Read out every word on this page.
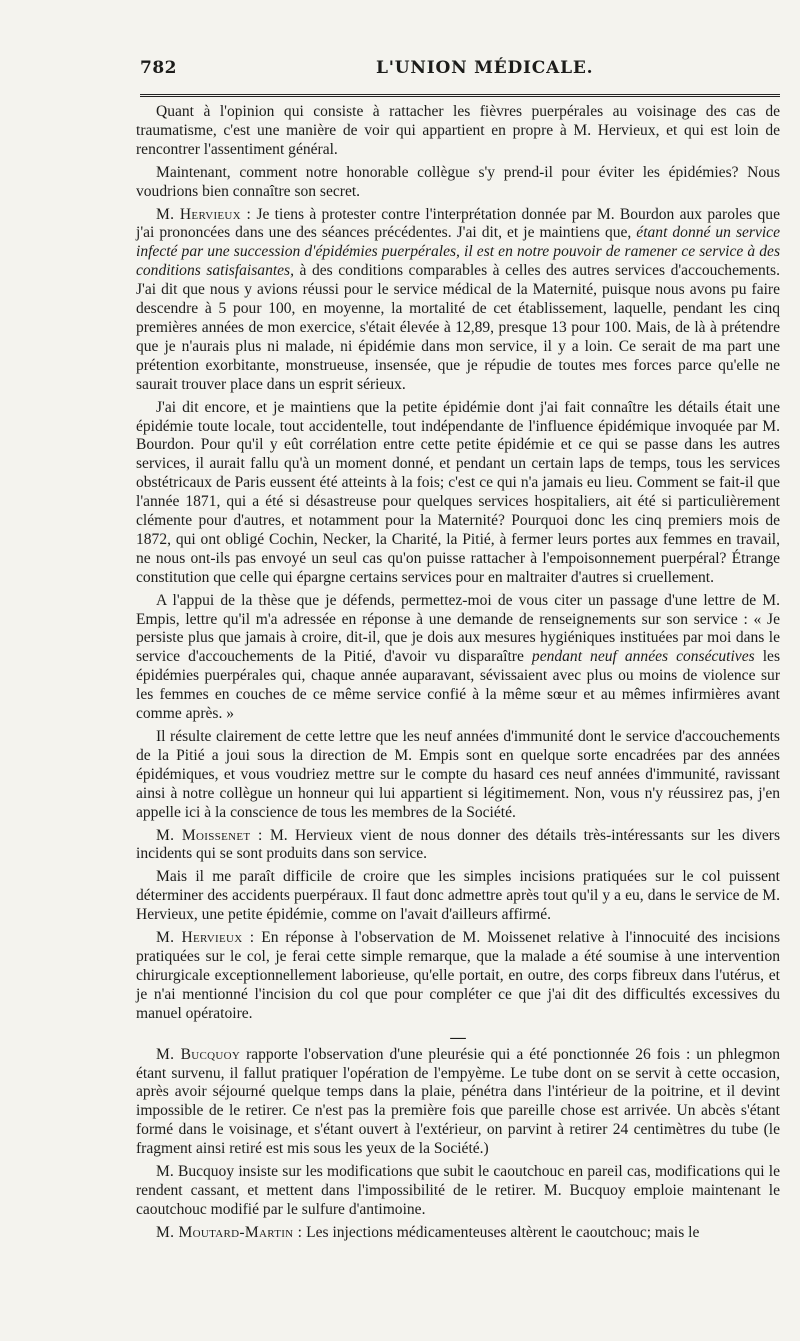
782	L'UNION MÉDICALE.

Quant à l'opinion qui consiste à rattacher les fièvres puerpérales au voisinage des cas de traumatisme, c'est une manière de voir qui appartient en propre à M. Hervieux, et qui est loin de rencontrer l'assentiment général.

Maintenant, comment notre honorable collègue s'y prend-il pour éviter les épidémies? Nous voudrions bien connaître son secret.

M. Hervieux : Je tiens à protester contre l'interprétation donnée par M. Bourdon aux paroles que j'ai prononcées dans une des séances précédentes. J'ai dit, et je maintiens que, étant donné un service infecté par une succession d'épidémies puerpérales, il est en notre pouvoir de ramener ce service à des conditions satisfaisantes, à des conditions comparables à celles des autres services d'accouchements. J'ai dit que nous y avions réussi pour le service médical de la Maternité, puisque nous avons pu faire descendre à 5 pour 100, en moyenne, la mortalité de cet établissement, laquelle, pendant les cinq premières années de mon exercice, s'était élevée à 12,89, presque 13 pour 100. Mais, de là à prétendre que je n'aurais plus ni malade, ni épidémie dans mon service, il y a loin. Ce serait de ma part une prétention exorbitante, monstrueuse, insensée, que je répudie de toutes mes forces parce qu'elle ne saurait trouver place dans un esprit sérieux.

J'ai dit encore, et je maintiens que la petite épidémie dont j'ai fait connaître les détails était une épidémie toute locale, tout accidentelle, tout indépendante de l'influence épidémique invoquée par M. Bourdon. Pour qu'il y eût corrélation entre cette petite épidémie et ce qui se passe dans les autres services, il aurait fallu qu'à un moment donné, et pendant un certain laps de temps, tous les services obstétricaux de Paris eussent été atteints à la fois; c'est ce qui n'a jamais eu lieu. Comment se fait-il que l'année 1871, qui a été si désastreuse pour quelques services hospitaliers, ait été si particulièrement clémente pour d'autres, et notamment pour la Maternité? Pourquoi donc les cinq premiers mois de 1872, qui ont obligé Cochin, Necker, la Charité, la Pitié, à fermer leurs portes aux femmes en travail, ne nous ont-ils pas envoyé un seul cas qu'on puisse rattacher à l'empoisonnement puerpéral? Étrange constitution que celle qui épargne certains services pour en maltraiter d'autres si cruellement.

A l'appui de la thèse que je défends, permettez-moi de vous citer un passage d'une lettre de M. Empis, lettre qu'il m'a adressée en réponse à une demande de renseignements sur son service : « Je persiste plus que jamais à croire, dit-il, que je dois aux mesures hygiéniques instituées par moi dans le service d'accouchements de la Pitié, d'avoir vu disparaître pendant neuf années consécutives les épidémies puerpérales qui, chaque année auparavant, sévissaient avec plus ou moins de violence sur les femmes en couches de ce même service confié à la même sœur et au mêmes infirmières avant comme après. »

Il résulte clairement de cette lettre que les neuf années d'immunité dont le service d'accouchements de la Pitié a joui sous la direction de M. Empis sont en quelque sorte encadrées par des années épidémiques, et vous voudriez mettre sur le compte du hasard ces neuf années d'immunité, ravissant ainsi à notre collègue un honneur qui lui appartient si légitimement. Non, vous n'y réussirez pas, j'en appelle ici à la conscience de tous les membres de la Société.

M. Moissenet : M. Hervieux vient de nous donner des détails très-intéressants sur les divers incidents qui se sont produits dans son service.

Mais il me paraît difficile de croire que les simples incisions pratiquées sur le col puissent déterminer des accidents puerpéraux. Il faut donc admettre après tout qu'il y a eu, dans le service de M. Hervieux, une petite épidémie, comme on l'avait d'ailleurs affirmé.

M. Hervieux : En réponse à l'observation de M. Moissenet relative à l'innocuité des incisions pratiquées sur le col, je ferai cette simple remarque, que la malade a été soumise à une intervention chirurgicale exceptionnellement laborieuse, qu'elle portait, en outre, des corps fibreux dans l'utérus, et je n'ai mentionné l'incision du col que pour compléter ce que j'ai dit des difficultés excessives du manuel opératoire.

—

M. Bucquoy rapporte l'observation d'une pleurésie qui a été ponctionnée 26 fois : un phlegmon étant survenu, il fallut pratiquer l'opération de l'empyème. Le tube dont on se servit à cette occasion, après avoir séjourné quelque temps dans la plaie, pénétra dans l'intérieur de la poitrine, et il devint impossible de le retirer. Ce n'est pas la première fois que pareille chose est arrivée. Un abcès s'étant formé dans le voisinage, et s'étant ouvert à l'extérieur, on parvint à retirer 24 centimètres du tube (le fragment ainsi retiré est mis sous les yeux de la Société.)

M. Bucquoy insiste sur les modifications que subit le caoutchouc en pareil cas, modifications qui le rendent cassant, et mettent dans l'impossibilité de le retirer. M. Bucquoy emploie maintenant le caoutchouc modifié par le sulfure d'antimoine.

M. Moutard-Martin : Les injections médicamenteuses altèrent le caoutchouc; mais le
